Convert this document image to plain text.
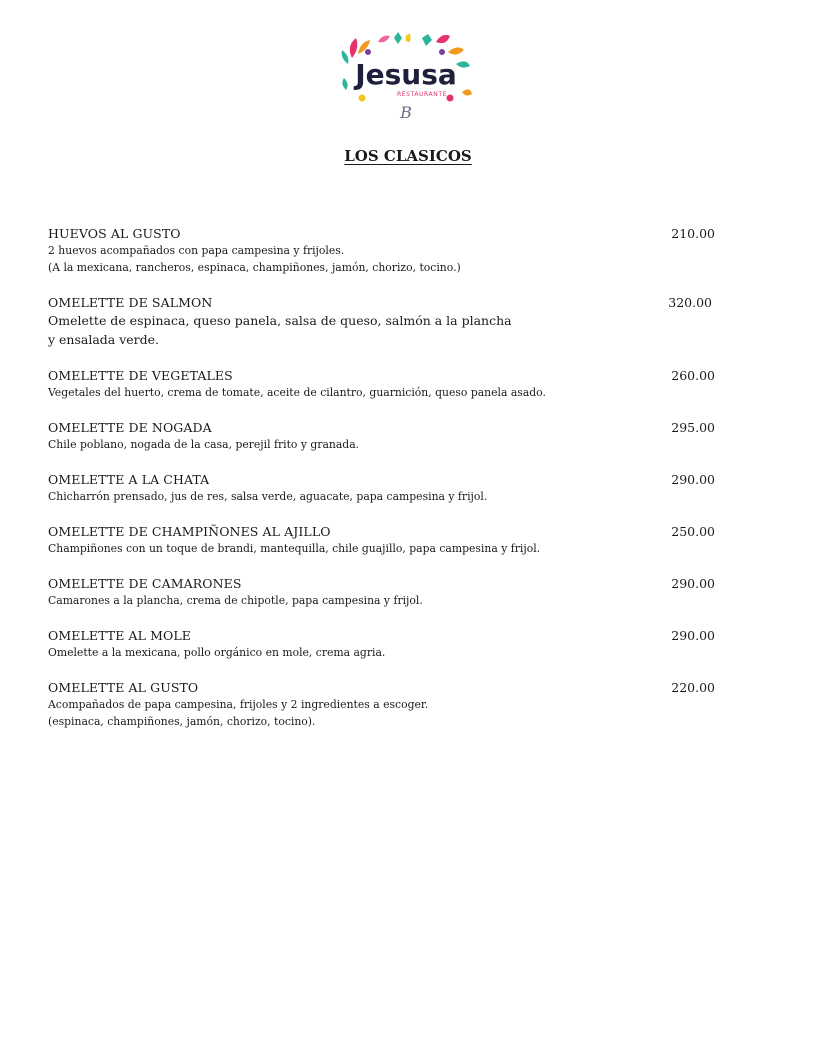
Jesusa
RESTAURANTE
B
LOS CLASICOS
HUEVOS AL GUSTO	210.00
2 huevos acompañados con papa campesina y frijoles.
(A la mexicana, rancheros, espinaca, champiñones, jamón, chorizo, tocino.)
OMELETTE DE SALMON	320.00
Omelette de espinaca, queso panela, salsa de queso, salmón a la plancha
y ensalada verde.
OMELETTE DE VEGETALES	260.00
Vegetales del huerto, crema de tomate, aceite de cilantro, guarnición, queso panela asado.
OMELETTE DE NOGADA	295.00
Chile poblano, nogada de la casa, perejil frito y granada.
OMELETTE A LA CHATA	290.00
Chicharrón prensado, jus de res, salsa verde, aguacate, papa campesina y frijol.
OMELETTE DE CHAMPIÑONES AL AJILLO	250.00
Champiñones con un toque de brandi, mantequilla, chile guajillo, papa campesina y frijol.
OMELETTE DE CAMARONES	290.00
Camarones a la plancha, crema de chipotle, papa campesina y frijol.
OMELETTE AL MOLE	290.00
Omelette a la mexicana, pollo orgánico en mole, crema agria.
OMELETTE AL GUSTO	220.00
Acompañados de papa campesina, frijoles y 2 ingredientes a escoger.
(espinaca, champiñones, jamón, chorizo, tocino).
